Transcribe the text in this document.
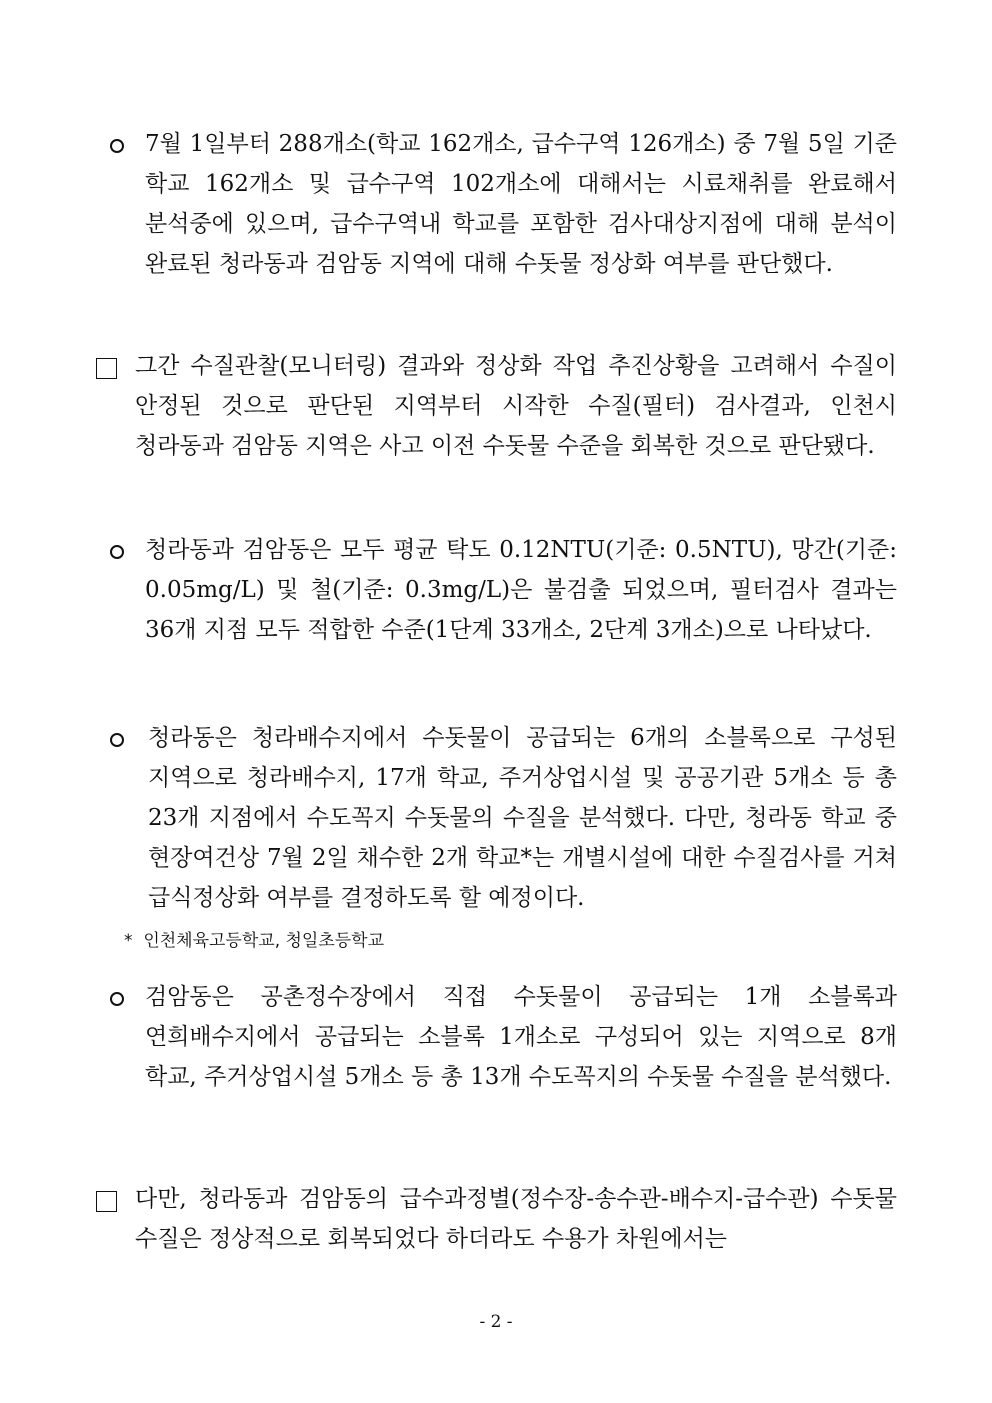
7월 1일부터 288개소(학교 162개소, 급수구역 126개소) 중 7월 5일 기준 학교 162개소 및 급수구역 102개소에 대해서는 시료채취를 완료해서 분석중에 있으며, 급수구역내 학교를 포함한 검사대상지점에 대해 분석이 완료된 청라동과 검암동 지역에 대해 수돗물 정상화 여부를 판단했다.

그간 수질관찰(모니터링) 결과와 정상화 작업 추진상황을 고려해서 수질이 안정된 것으로 판단된 지역부터 시작한 수질(필터) 검사결과, 인천시 청라동과 검암동 지역은 사고 이전 수돗물 수준을 회복한 것으로 판단됐다.

청라동과 검암동은 모두 평균 탁도 0.12NTU(기준: 0.5NTU), 망간(기준: 0.05mg/L) 및 철(기준: 0.3mg/L)은 불검출 되었으며, 필터검사 결과는 36개 지점 모두 적합한 수준(1단계 33개소, 2단계 3개소)으로 나타났다.

청라동은 청라배수지에서 수돗물이 공급되는 6개의 소블록으로 구성된 지역으로 청라배수지, 17개 학교, 주거상업시설 및 공공기관 5개소 등 총 23개 지점에서 수도꼭지 수돗물의 수질을 분석했다. 다만, 청라동 학교 중 현장여건상 7월 2일 채수한 2개 학교*는 개별시설에 대한 수질검사를 거쳐 급식정상화 여부를 결정하도록 할 예정이다.

* 인천체육고등학교, 청일초등학교

검암동은 공촌정수장에서 직접 수돗물이 공급되는 1개 소블록과 연희배수지에서 공급되는 소블록 1개소로 구성되어 있는 지역으로 8개 학교, 주거상업시설 5개소 등 총 13개 수도꼭지의 수돗물 수질을 분석했다.

다만, 청라동과 검암동의 급수과정별(정수장-송수관-배수지-급수관) 수돗물 수질은 정상적으로 회복되었다 하더라도 수용가 차원에서는

- 2 -
